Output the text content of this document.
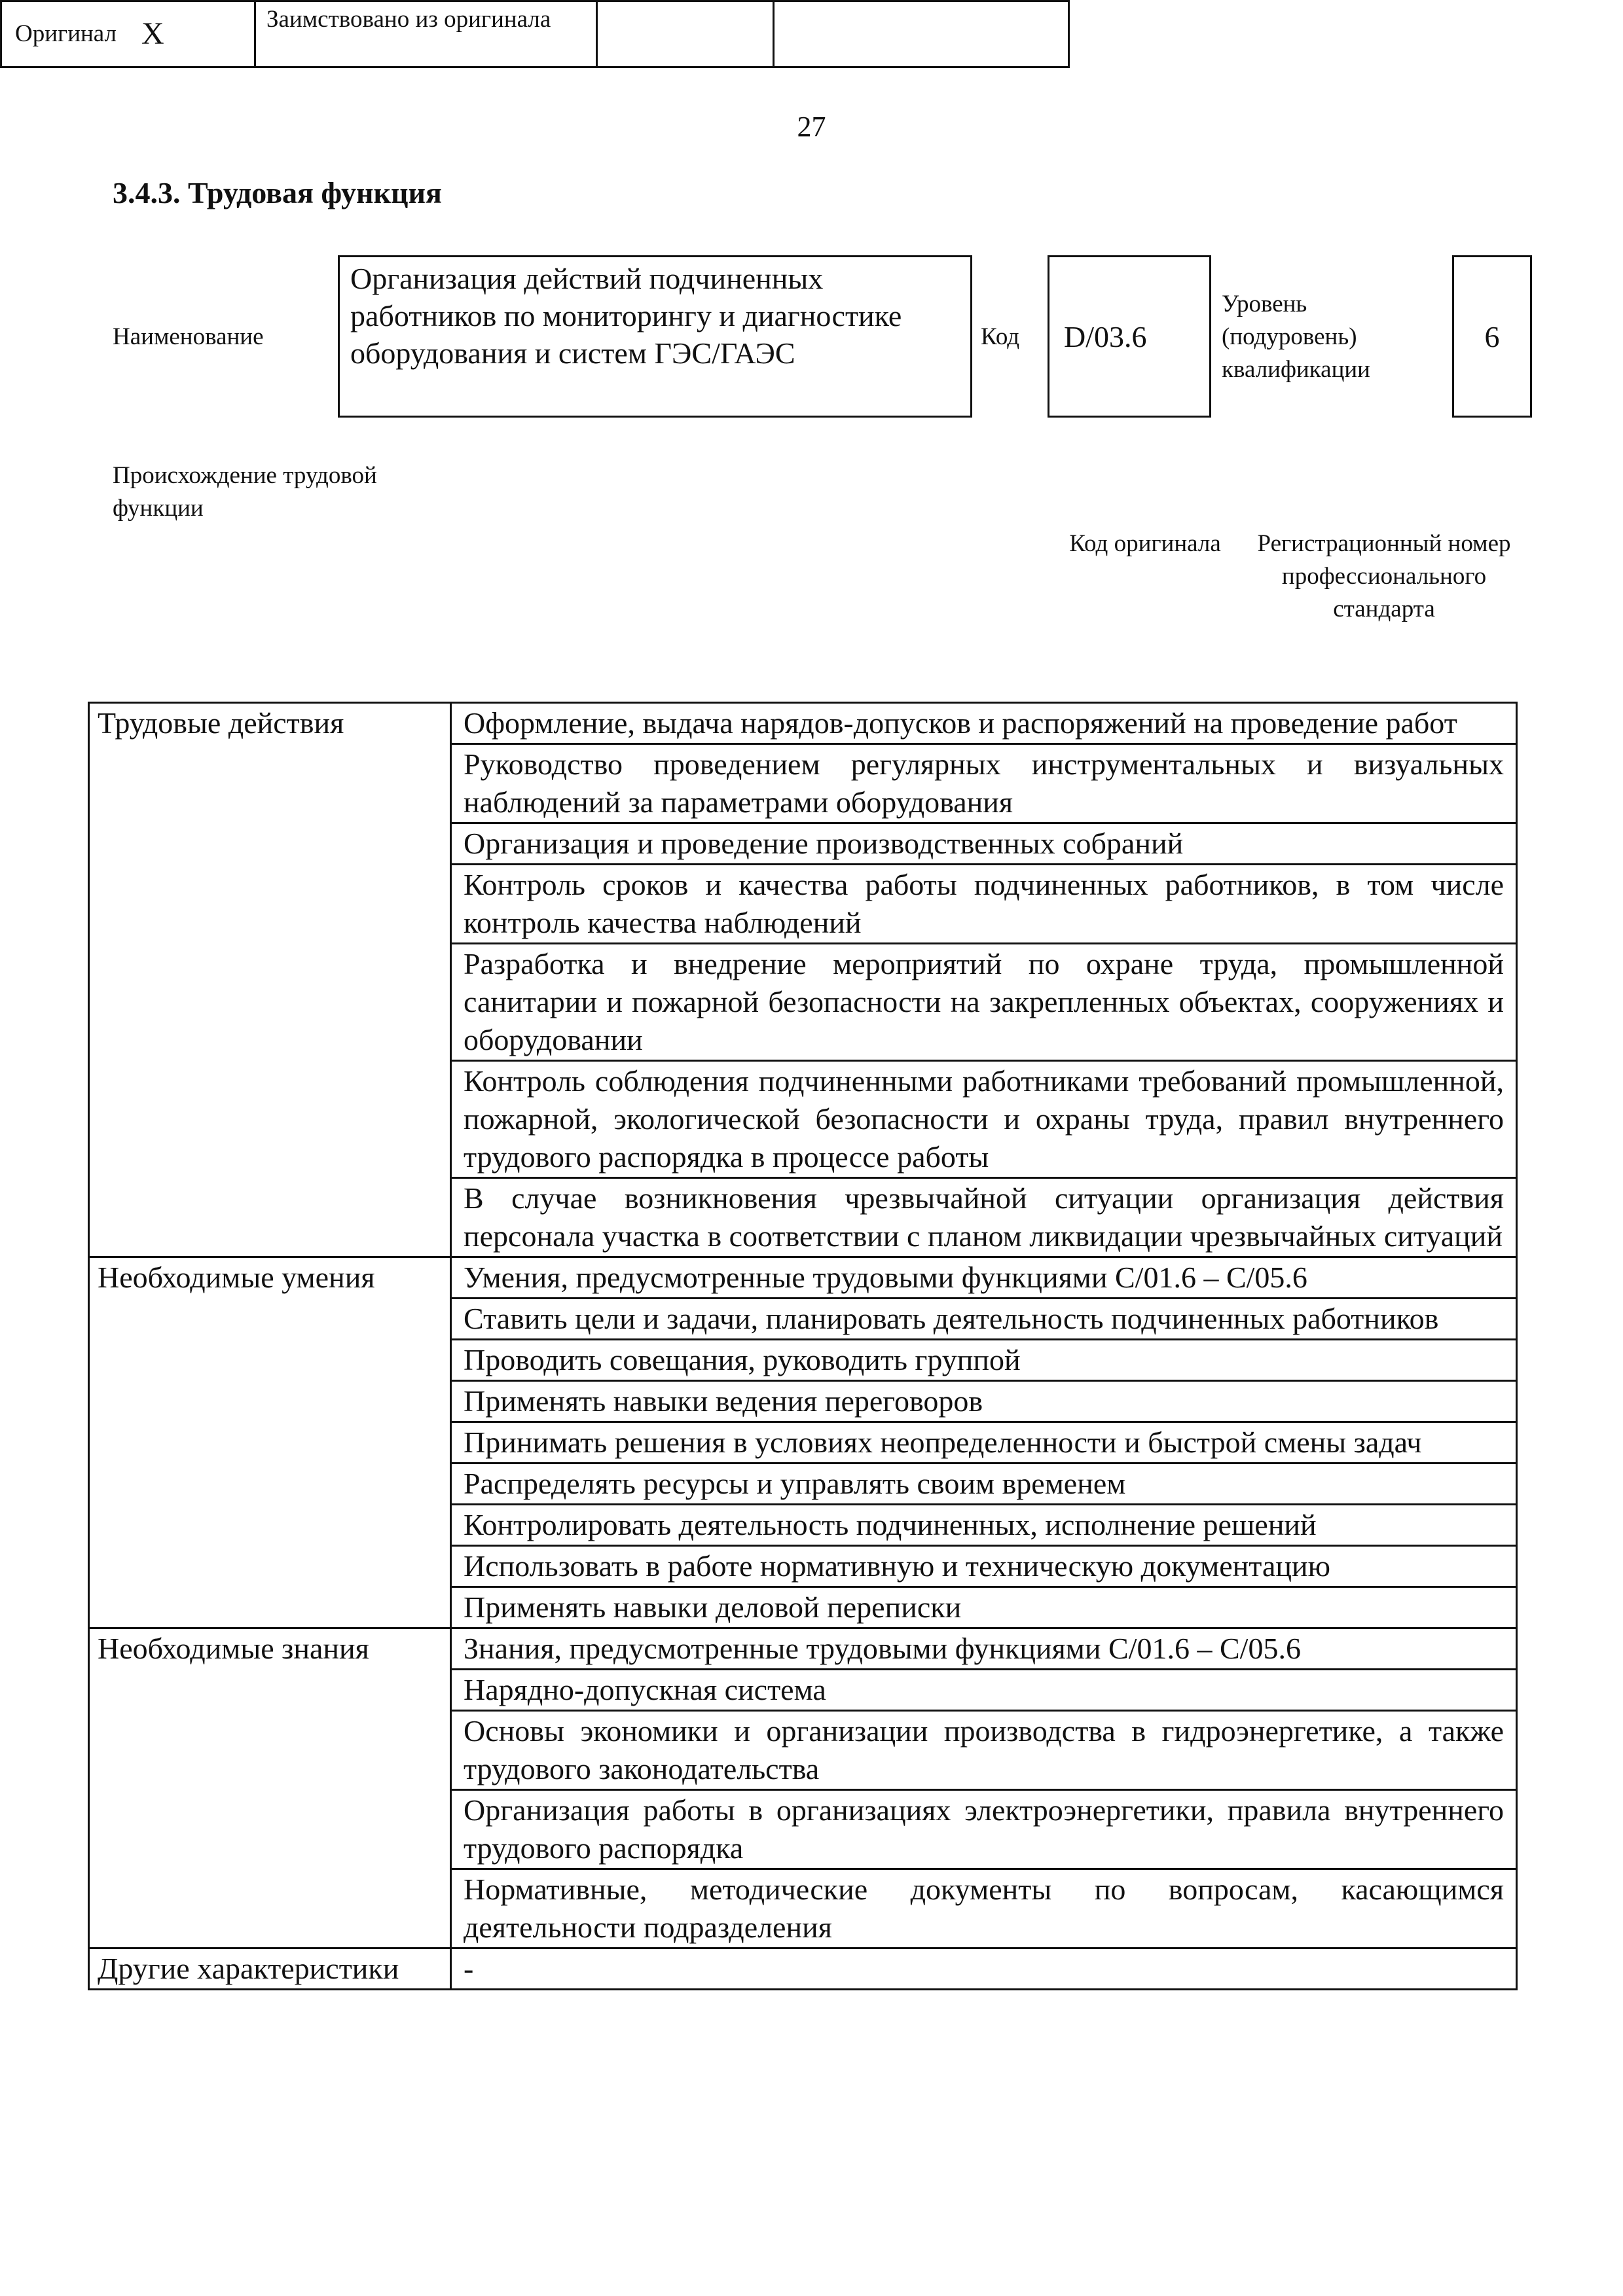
27
3.4.3. Трудовая функция
Наименование
Организация действий подчиненных работников по мониторингу и диагностике оборудования и систем ГЭС/ГАЭС	Код D/03.6
Уровень (подуровень) квалификации
6
Происхождение трудовой функции
Оригинал X	Заимствовано из оригинала
Код оригинала	Регистрационный номер профессионального стандарта
Трудовые действия	Оформление, выдача нарядов-допусков и распоряжений на проведение работ
	Руководство проведением регулярных инструментальных и визуальных наблюдений за параметрами оборудования
	Организация и проведение производственных собраний
	Контроль сроков и качества работы подчиненных работников, в том числе контроль качества наблюдений
	Разработка и внедрение мероприятий по охране труда, промышленной санитарии и пожарной безопасности на закрепленных объектах, сооружениях и оборудовании
	Контроль соблюдения подчиненными работниками требований промышленной, пожарной, экологической безопасности и охраны труда, правил внутреннего трудового распорядка в процессе работы
	В случае возникновения чрезвычайной ситуации организация действия персонала участка в соответствии с планом ликвидации чрезвычайных ситуаций
Необходимые умения	Умения, предусмотренные трудовыми функциями C/01.6 – C/05.6
	Ставить цели и задачи, планировать деятельность подчиненных работников
	Проводить совещания, руководить группой
	Применять навыки ведения переговоров
	Принимать решения в условиях неопределенности и быстрой смены задач
	Распределять ресурсы и управлять своим временем
	Контролировать деятельность подчиненных, исполнение решений
	Использовать в работе нормативную и техническую документацию
	Применять навыки деловой переписки
Необходимые знания	Знания, предусмотренные трудовыми функциями C/01.6 – C/05.6
	Нарядно-допускная система
	Основы экономики и организации производства в гидроэнергетике, а также трудового законодательства
	Организация работы в организациях электроэнергетики, правила внутреннего трудового распорядка
	Нормативные, методические документы по вопросам, касающимся деятельности подразделения
Другие характеристики	-
